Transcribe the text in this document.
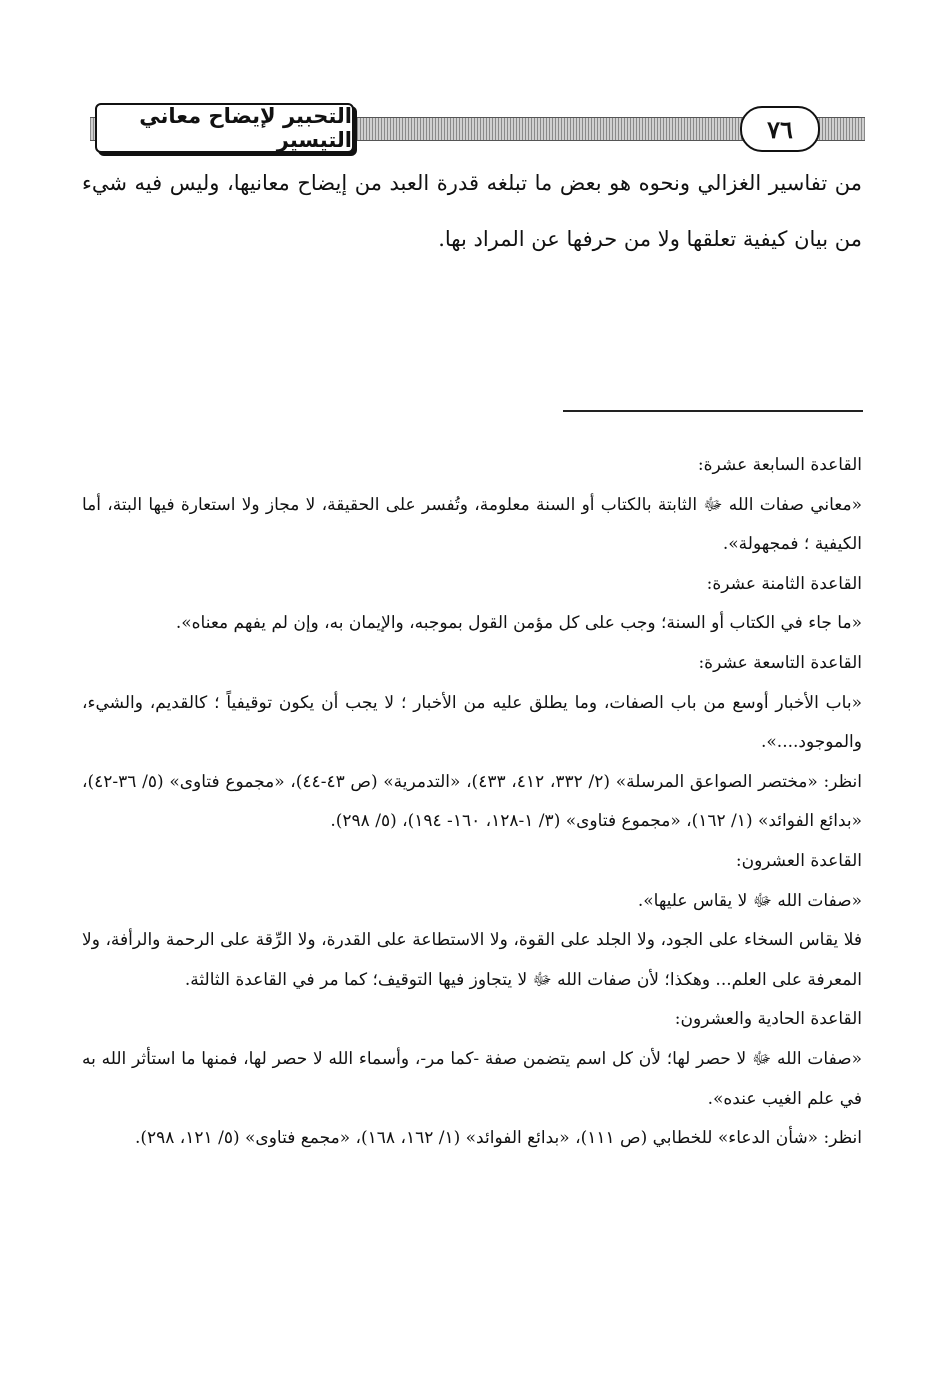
٧٦
التحبير لإيضاح معاني التيسير

من تفاسير الغزالي ونحوه هو بعض ما تبلغه قدرة العبد من إيضاح معانيها، وليس فيه شيء من بيان كيفية تعلقها ولا من حرفها عن المراد بها.

القاعدة السابعة عشرة:

«معاني صفات الله ﷻ الثابتة بالكتاب أو السنة معلومة، وتُفسر على الحقيقة، لا مجاز ولا استعارة فيها البتة، أما الكيفية ؛ فمجهولة».

القاعدة الثامنة عشرة:

«ما جاء في الكتاب أو السنة؛ وجب على كل مؤمن القول بموجبه، والإيمان به، وإن لم يفهم معناه».

القاعدة التاسعة عشرة:

«باب الأخبار أوسع من باب الصفات، وما يطلق عليه من الأخبار ؛ لا يجب أن يكون توقيفياً ؛ كالقديم، والشيء، والموجود....».

انظر: «مختصر الصواعق المرسلة» (٢/ ٣٣٢، ٤١٢، ٤٣٣)، «التدمرية» (ص ٤٣-٤٤)، «مجموع فتاوى» (٥/ ٣٦-٤٢)، «بدائع الفوائد» (١/ ١٦٢)، «مجموع فتاوى» (٣/ ١-١٢٨، ١٦٠- ١٩٤)، (٥/ ٢٩٨).

القاعدة العشرون:

«صفات الله ﷻ لا يقاس عليها».

فلا يقاس السخاء على الجود، ولا الجلد على القوة، ولا الاستطاعة على القدرة، ولا الرِّقة على الرحمة والرأفة، ولا المعرفة على العلم... وهكذا؛ لأن صفات الله ﷻ لا يتجاوز فيها التوقيف؛ كما مر في القاعدة الثالثة.

القاعدة الحادية والعشرون:

«صفات الله ﷻ لا حصر لها؛ لأن كل اسم يتضمن صفة -كما مر-، وأسماء الله لا حصر لها، فمنها ما استأثر الله به في علم الغيب عنده».

انظر: «شأن الدعاء» للخطابي (ص ١١١)، «بدائع الفوائد» (١/ ١٦٢، ١٦٨)، «مجمع فتاوى» (٥/ ١٢١، ٢٩٨).
